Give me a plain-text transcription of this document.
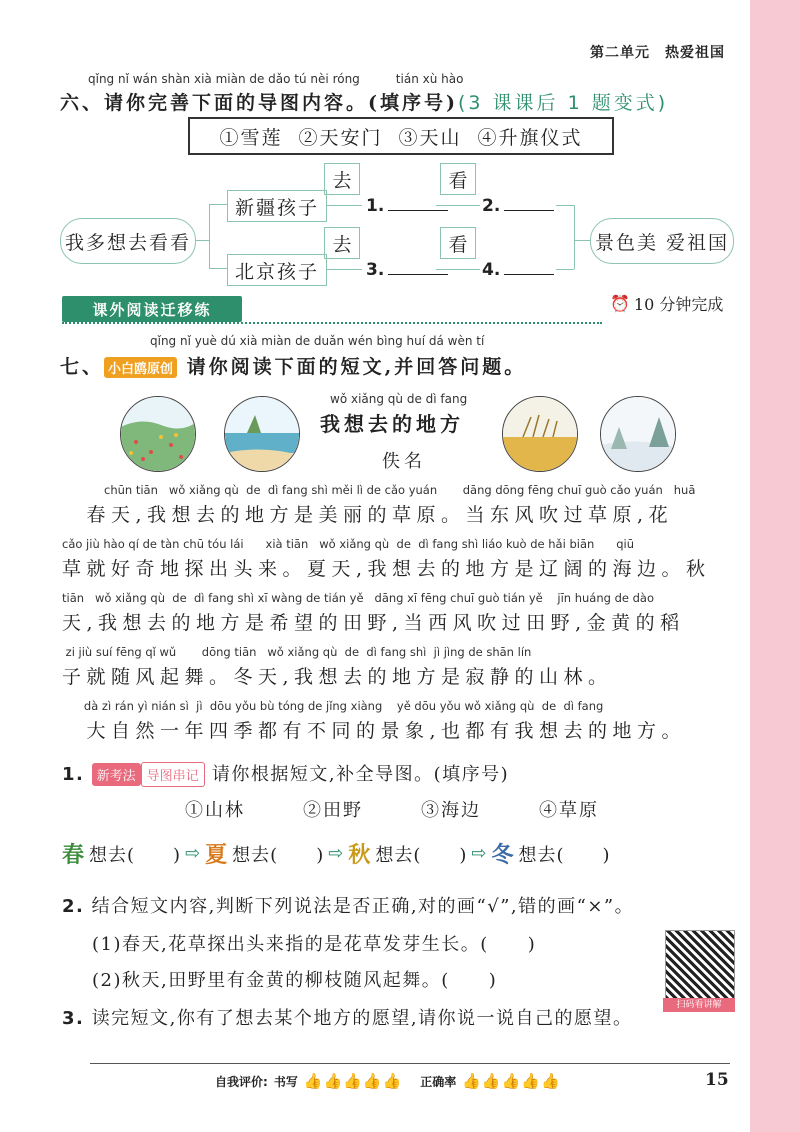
第二单元　热爱祖国
qǐng nǐ wán shàn xià miàn de dǎo tú nèi róng　　　tián xù hào
六、请你完善下面的导图内容。(填序号)(3 课课后 1 题变式)
①雪莲 ②天安门 ③天山 ④升旗仪式
我多想去看看
新疆孩子
北京孩子
去	看
去	看
1.	2.
3.	4.
景色美 爱祖国
课外阅读迁移练	⏰ 10 分钟完成
qǐng nǐ yuè dú xià miàn de duǎn wén bìng huí dá wèn tí
七、 小白鸥原创 请你阅读下面的短文,并回答问题。
我想去的地方
wǒ xiǎng qù de dì fang
佚名
chūn tiān   wǒ xiǎng qù  de  dì fang shì měi lì de cǎo yuán       dāng dōng fēng chuī guò cǎo yuán   huā
　春天,我想去的地方是美丽的草原。当东风吹过草原,花
cǎo jiù hào qí de tàn chū tóu lái      xià tiān   wǒ xiǎng qù  de  dì fang shì liáo kuò de hǎi biān      qiū
草就好奇地探出头来。夏天,我想去的地方是辽阔的海边。秋
tiān   wǒ xiǎng qù  de  dì fang shì xī wàng de tián yě   dāng xī fēng chuī guò tián yě    jīn huáng de dào
天,我想去的地方是希望的田野,当西风吹过田野,金黄的稻
zi jiù suí fēng qǐ wǔ       dōng tiān   wǒ xiǎng qù  de  dì fang shì  jì jìng de shān lín
子就随风起舞。冬天,我想去的地方是寂静的山林。
dà zì rán yì nián sì  jì  dōu yǒu bù tóng de jǐng xiàng    yě dōu yǒu wǒ xiǎng qù  de  dì fang
　大自然一年四季都有不同的景象,也都有我想去的地方。
1. 新考法 导图串记 请你根据短文,补全导图。(填序号)
①山林	②田野	③海边	④草原
春 想去(　　) ⇨ 夏 想去(　　) ⇨ 秋 想去(　　) ⇨ 冬 想去(　　)
2. 结合短文内容,判断下列说法是否正确,对的画“√”,错的画“×”。
(1)春天,花草探出头来指的是花草发芽生长。(　　)
(2)秋天,田野里有金黄的柳枝随风起舞。(　　)
扫码看讲解
3. 读完短文,你有了想去某个地方的愿望,请你说一说自己的愿望。
自我评价: 书写 👍👍👍👍👍 正确率 👍👍👍👍👍	15
